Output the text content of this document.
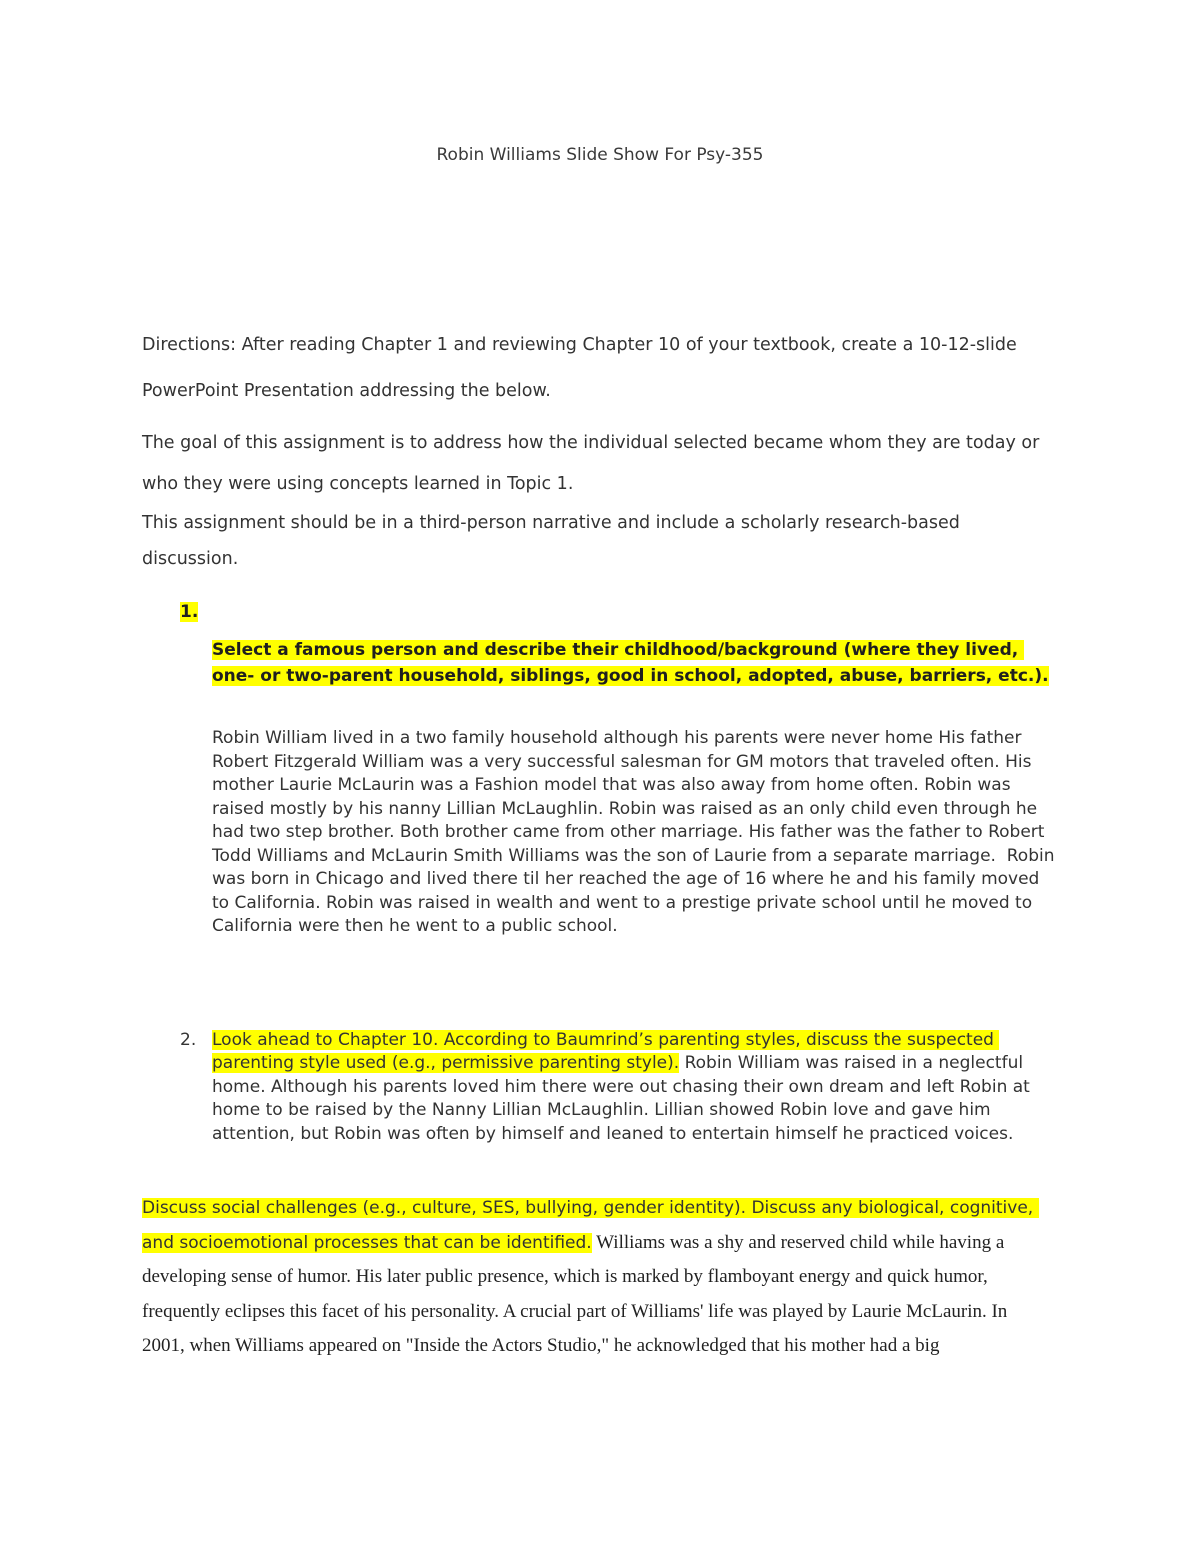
Robin Williams Slide Show For Psy-355

Directions: After reading Chapter 1 and reviewing Chapter 10 of your textbook, create a 10-12-slide PowerPoint Presentation addressing the below.

The goal of this assignment is to address how the individual selected became whom they are today or who they were using concepts learned in Topic 1.

This assignment should be in a third-person narrative and include a scholarly research-based discussion.

1.

Select a famous person and describe their childhood/background (where they lived, one- or two-parent household, siblings, good in school, adopted, abuse, barriers, etc.).

Robin William lived in a two family household although his parents were never home His father Robert Fitzgerald William was a very successful salesman for GM motors that traveled often. His mother Laurie McLaurin was a Fashion model that was also away from home often. Robin was raised mostly by his nanny Lillian McLaughlin. Robin was raised as an only child even through he had two step brother. Both brother came from other marriage. His father was the father to Robert Todd Williams and McLaurin Smith Williams was the son of Laurie from a separate marriage.  Robin was born in Chicago and lived there til her reached the age of 16 where he and his family moved to California. Robin was raised in wealth and went to a prestige private school until he moved to California were then he went to a public school.

2. Look ahead to Chapter 10. According to Baumrind’s parenting styles, discuss the suspected parenting style used (e.g., permissive parenting style). Robin William was raised in a neglectful home. Although his parents loved him there were out chasing their own dream and left Robin at home to be raised by the Nanny Lillian McLaughlin. Lillian showed Robin love and gave him attention, but Robin was often by himself and leaned to entertain himself he practiced voices.

Discuss social challenges (e.g., culture, SES, bullying, gender identity). Discuss any biological, cognitive, and socioemotional processes that can be identified. Williams was a shy and reserved child while having a developing sense of humor. His later public presence, which is marked by flamboyant energy and quick humor, frequently eclipses this facet of his personality. A crucial part of Williams' life was played by Laurie McLaurin. In 2001, when Williams appeared on "Inside the Actors Studio," he acknowledged that his mother had a big
